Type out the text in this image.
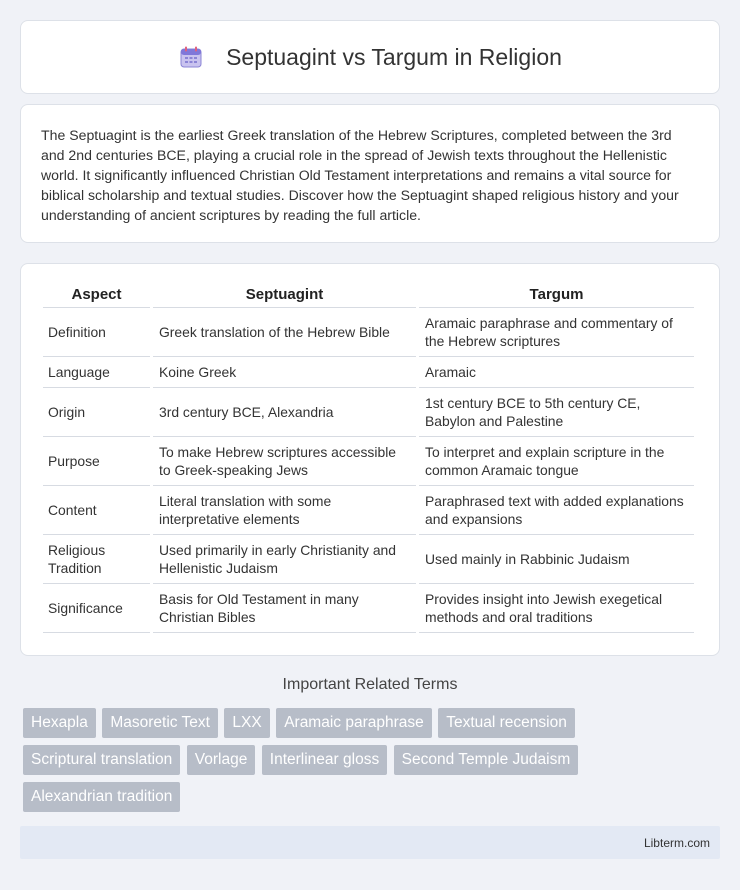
Septuagint vs Targum in Religion

The Septuagint is the earliest Greek translation of the Hebrew Scriptures, completed between the 3rd and 2nd centuries BCE, playing a crucial role in the spread of Jewish texts throughout the Hellenistic world. It significantly influenced Christian Old Testament interpretations and remains a vital source for biblical scholarship and textual studies. Discover how the Septuagint shaped religious history and your understanding of ancient scriptures by reading the full article.

Aspect	Septuagint	Targum
Definition	Greek translation of the Hebrew Bible	Aramaic paraphrase and commentary of the Hebrew scriptures
Language	Koine Greek	Aramaic
Origin	3rd century BCE, Alexandria	1st century BCE to 5th century CE, Babylon and Palestine
Purpose	To make Hebrew scriptures accessible to Greek-speaking Jews	To interpret and explain scripture in the common Aramaic tongue
Content	Literal translation with some interpretative elements	Paraphrased text with added explanations and expansions
Religious Tradition	Used primarily in early Christianity and Hellenistic Judaism	Used mainly in Rabbinic Judaism
Significance	Basis for Old Testament in many Christian Bibles	Provides insight into Jewish exegetical methods and oral traditions
Important Related Terms
Hexapla Masoretic Text LXX Aramaic paraphrase Textual recension Scriptural translation Vorlage Interlinear gloss Second Temple Judaism Alexandrian tradition
Libterm.com
